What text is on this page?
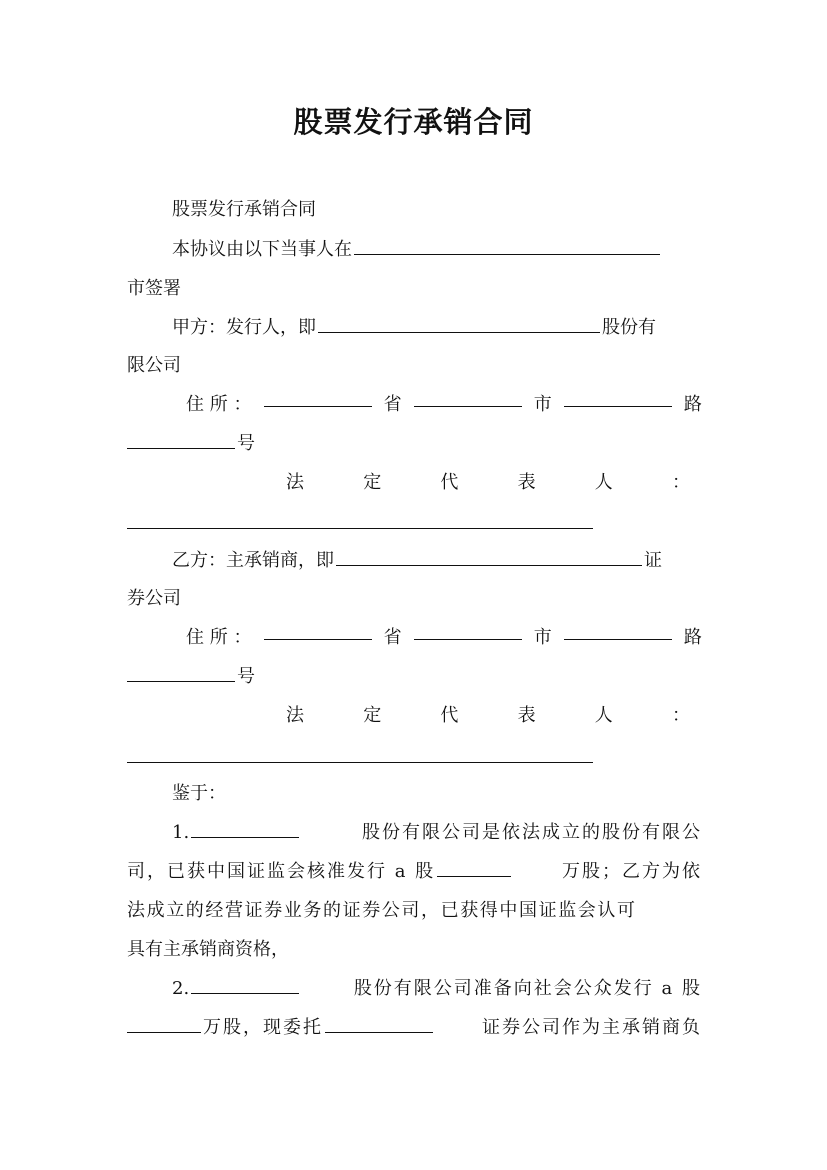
股票发行承销合同
股票发行承销合同
本协议由以下当事人在
市签署
甲方：发行人，即	股份有
限公司
住 所 ：	省	市	路
号
法	定	代	表	人	：
乙方：主承销商，即	证
券公司
住 所 ：	省	市	路
号
法	定	代	表	人	：
鉴于：
1.	股份有限公司是依法成立的股份有限公
司，已获中国证监会核准发行 a 股	万股；乙方为依
法成立的经营证券业务的证券公司，已获得中国证监会认可
具有主承销商资格，
2.	股份有限公司准备向社会公众发行 a 股
万股，现委托	证券公司作为主承销商负
